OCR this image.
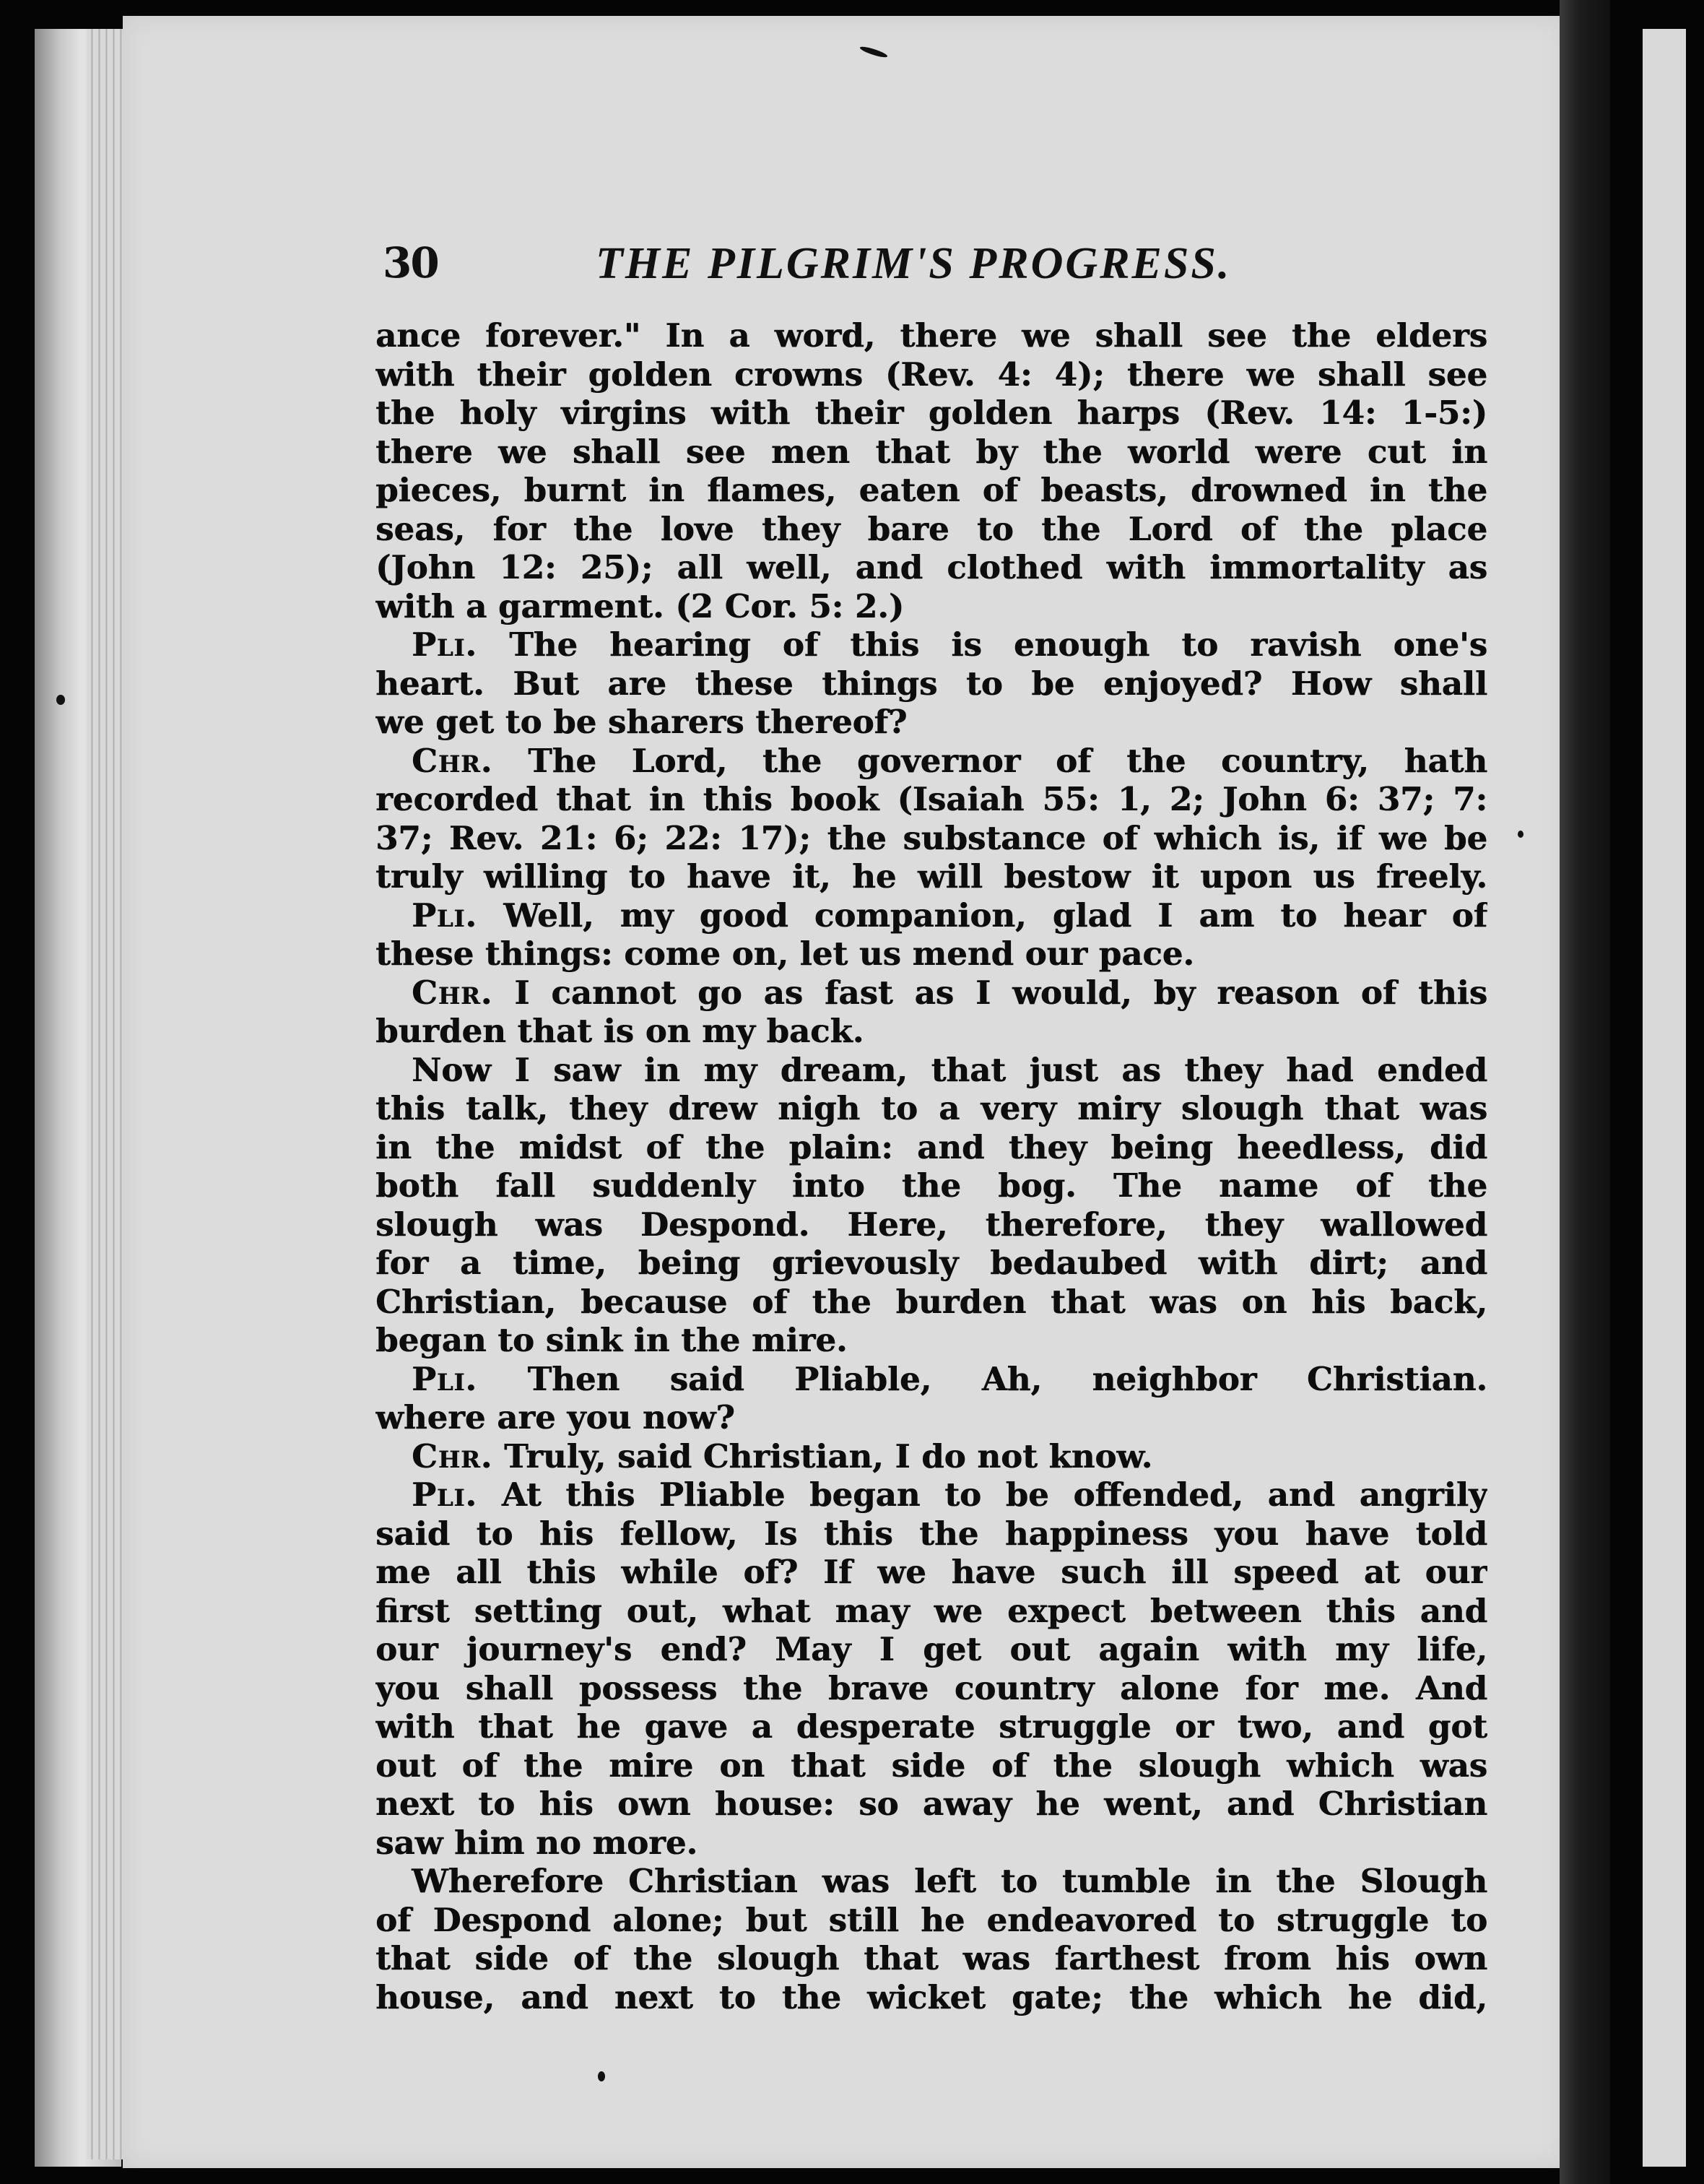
30	THE PILGRIM'S PROGRESS.
ance forever." In a word, there we shall see the elders
with their golden crowns (Rev. 4: 4); there we shall see
the holy virgins with their golden harps (Rev. 14: 1-5:)
there we shall see men that by the world were cut in
pieces, burnt in flames, eaten of beasts, drowned in the
seas, for the love they bare to the Lord of the place
(John 12: 25); all well, and clothed with immortality as
with a garment. (2 Cor. 5: 2.)
Pli. The hearing of this is enough to ravish one's
heart. But are these things to be enjoyed? How shall
we get to be sharers thereof?
Chr. The Lord, the governor of the country, hath
recorded that in this book (Isaiah 55: 1, 2; John 6: 37; 7:
37; Rev. 21: 6; 22: 17); the substance of which is, if we be
truly willing to have it, he will bestow it upon us freely.
Pli. Well, my good companion, glad I am to hear of
these things: come on, let us mend our pace.
Chr. I cannot go as fast as I would, by reason of this
burden that is on my back.
Now I saw in my dream, that just as they had ended
this talk, they drew nigh to a very miry slough that was
in the midst of the plain: and they being heedless, did
both fall suddenly into the bog. The name of the
slough was Despond. Here, therefore, they wallowed
for a time, being grievously bedaubed with dirt; and
Christian, because of the burden that was on his back,
began to sink in the mire.
Pli. Then said Pliable, Ah, neighbor Christian.
where are you now?
Chr. Truly, said Christian, I do not know.
Pli. At this Pliable began to be offended, and angrily
said to his fellow, Is this the happiness you have told
me all this while of? If we have such ill speed at our
first setting out, what may we expect between this and
our journey's end? May I get out again with my life,
you shall possess the brave country alone for me. And
with that he gave a desperate struggle or two, and got
out of the mire on that side of the slough which was
next to his own house: so away he went, and Christian
saw him no more.
Wherefore Christian was left to tumble in the Slough
of Despond alone; but still he endeavored to struggle to
that side of the slough that was farthest from his own
house, and next to the wicket gate; the which he did,
